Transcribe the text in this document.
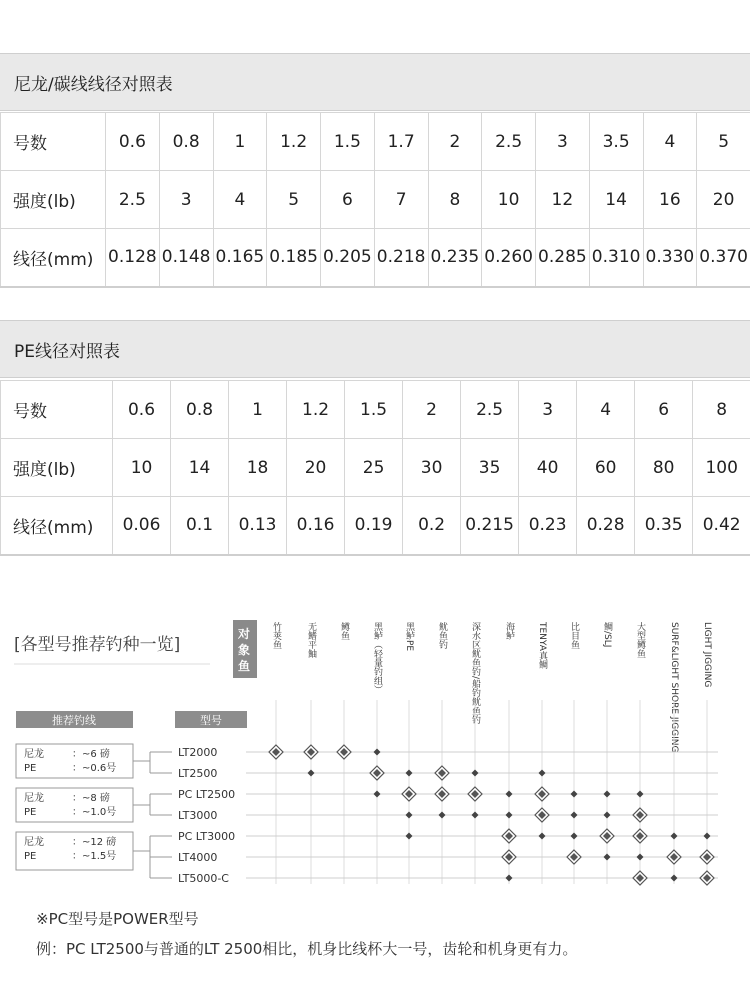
尼龙/碳线线径对照表
号数	0.6	0.8	1	1.2	1.5	1.7	2	2.5	3	3.5	4	5
强度(lb)	2.5	3	4	5	6	7	8	10	12	14	16	20
线径(mm)	0.128	0.148	0.165	0.185	0.205	0.218	0.235	0.260	0.285	0.310	0.330	0.370
PE线径对照表
号数	0.6	0.8	1	1.2	1.5	2	2.5	3	4	6	8
强度(lb)	10	14	18	20	25	30	35	40	60	80	100
线径(mm)	0.06	0.1	0.13	0.16	0.19	0.2	0.215	0.23	0.28	0.35	0.42
[各型号推荐钓种一览]
对
象
鱼
推荐钓线	型号
竹荚鱼	无鳍平鲉	鳟鱼	黑鲈（轻量钓组） 黑鲈PE	鱿鱼钓	深水区鱿鱼钓/船钓鱿鱼钓	海鲈	TENYA真鲷 比目鱼	鲷/SLJ	大型鳟鱼	SURF&LIGHT SHORE JIGGING	LIGHT JIGGING
LT2000
LT2500
PC LT2500
LT3000
PC LT3000
LT4000
LT5000-C
尼龙	：~6 磅
PE	：~0.6号
尼龙	：~8 磅
PE	：~1.0号
尼龙	：~12 磅
PE	：~1.5号
※PC型号是POWER型号
例：PC LT2500与普通的LT 2500相比，机身比线杯大一号，齿轮和机身更有力。
